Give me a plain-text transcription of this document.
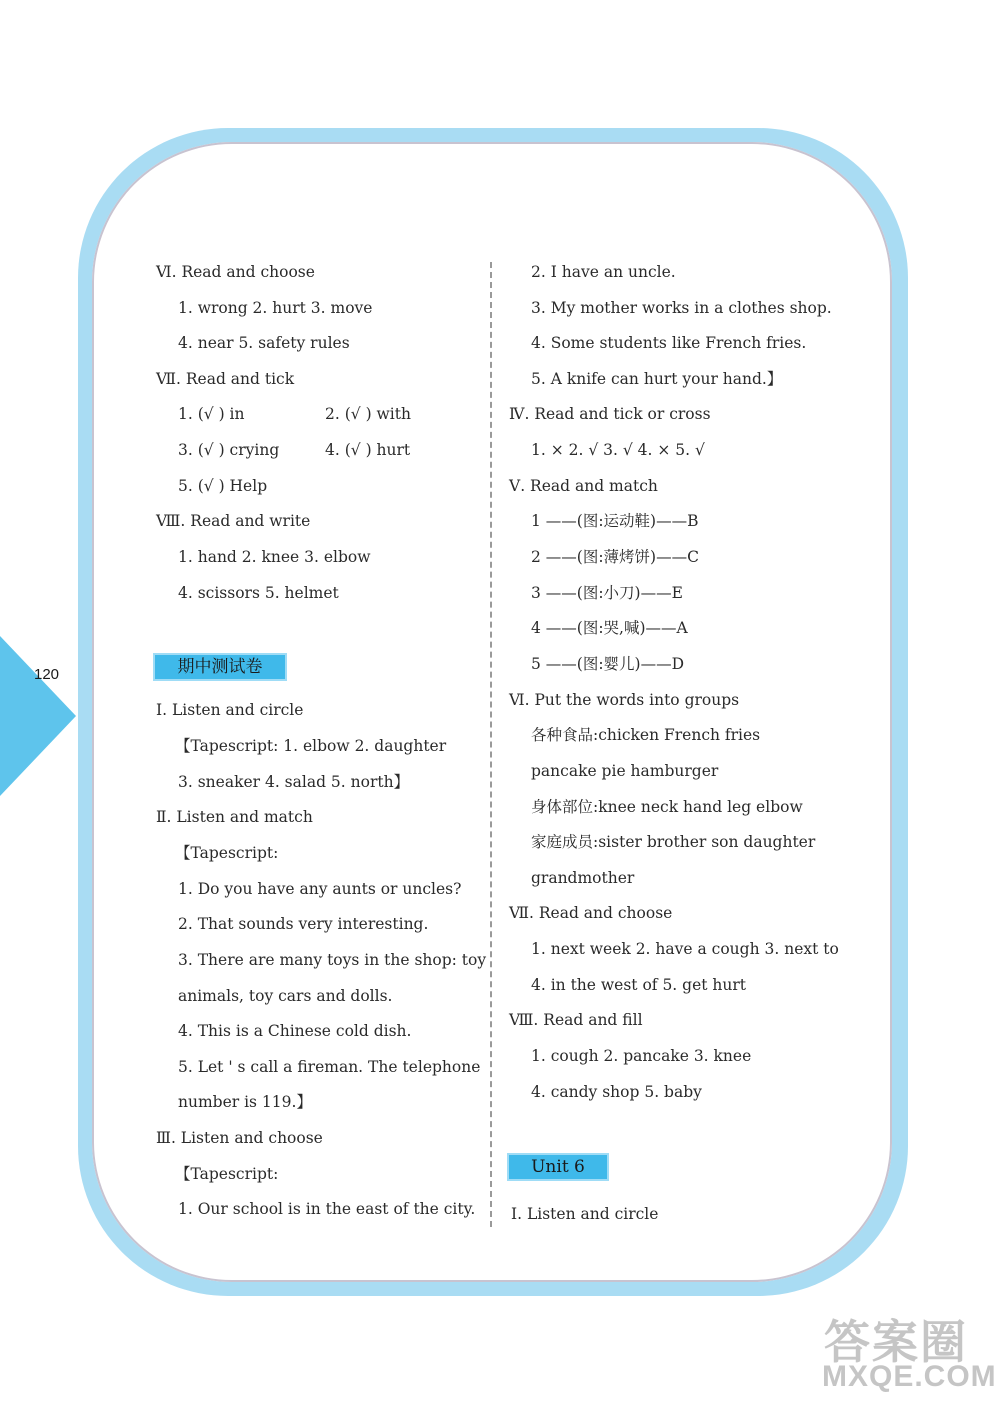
120
Ⅵ. Read and choose
1. wrong 2. hurt 3. move
4. near 5. safety rules
Ⅶ. Read and tick
1. (√ ) in	2. (√ ) with
3. (√ ) crying	4. (√ ) hurt
5. (√ ) Help
Ⅷ. Read and write
1. hand 2. knee 3. elbow
4. scissors 5. helmet
期中测试卷
Ⅰ. Listen and circle
【Tapescript: 1. elbow 2. daughter
3. sneaker 4. salad 5. north】
Ⅱ. Listen and match
【Tapescript:
1. Do you have any aunts or uncles?
2. That sounds very interesting.
3. There are many toys in the shop: toy
animals, toy cars and dolls.
4. This is a Chinese cold dish.
5. Let ' s call a fireman. The telephone
number is 119.】
Ⅲ. Listen and choose
【Tapescript:
1. Our school is in the east of the city.
2. I have an uncle.
3. My mother works in a clothes shop.
4. Some students like French fries.
5. A knife can hurt your hand.】
Ⅳ. Read and tick or cross
1. × 2. √ 3. √ 4. × 5. √
Ⅴ. Read and match
1 ——(图:运动鞋)——B
2 ——(图:薄烤饼)——C
3 ——(图:小刀)——E
4 ——(图:哭,喊)——A
5 ——(图:婴儿)——D
Ⅵ. Put the words into groups
各种食品:chicken French fries
pancake pie hamburger
身体部位:knee neck hand leg elbow
家庭成员:sister brother son daughter
grandmother
Ⅶ. Read and choose
1. next week 2. have a cough 3. next to
4. in the west of 5. get hurt
Ⅷ. Read and fill
1. cough 2. pancake 3. knee
4. candy shop 5. baby
Unit 6
Ⅰ. Listen and circle
答案圈
MXQE.COM
